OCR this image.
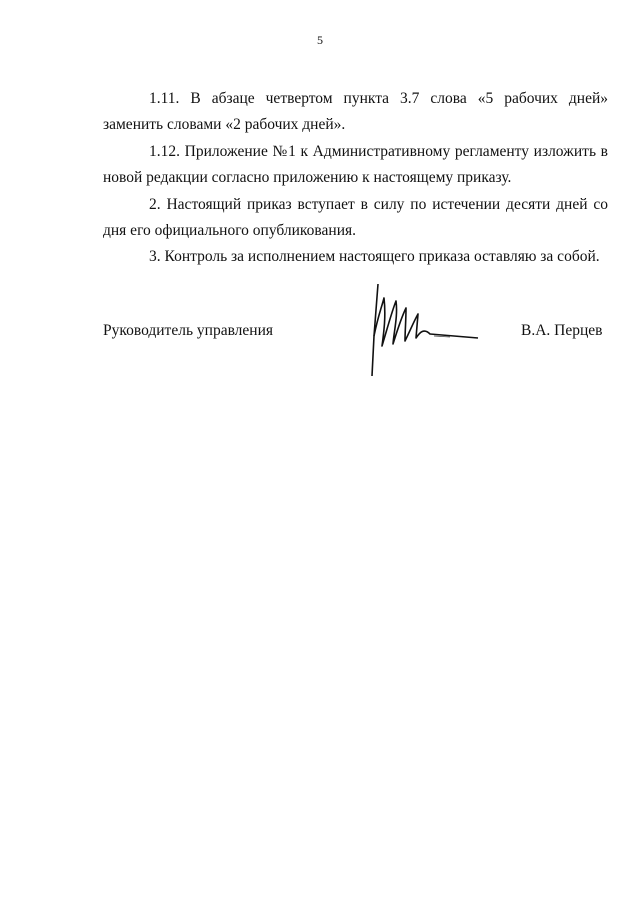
5

1.11. В абзаце четвертом пункта 3.7 слова «5 рабочих дней» заменить словами «2 рабочих дней».

1.12. Приложение №1 к Административному регламенту изложить в новой редакции согласно приложению к настоящему приказу.

2. Настоящий приказ вступает в силу по истечении десяти дней со дня его официального опубликования.

3. Контроль за исполнением настоящего приказа оставляю за собой.

Руководитель управления	В.А. Перцев
